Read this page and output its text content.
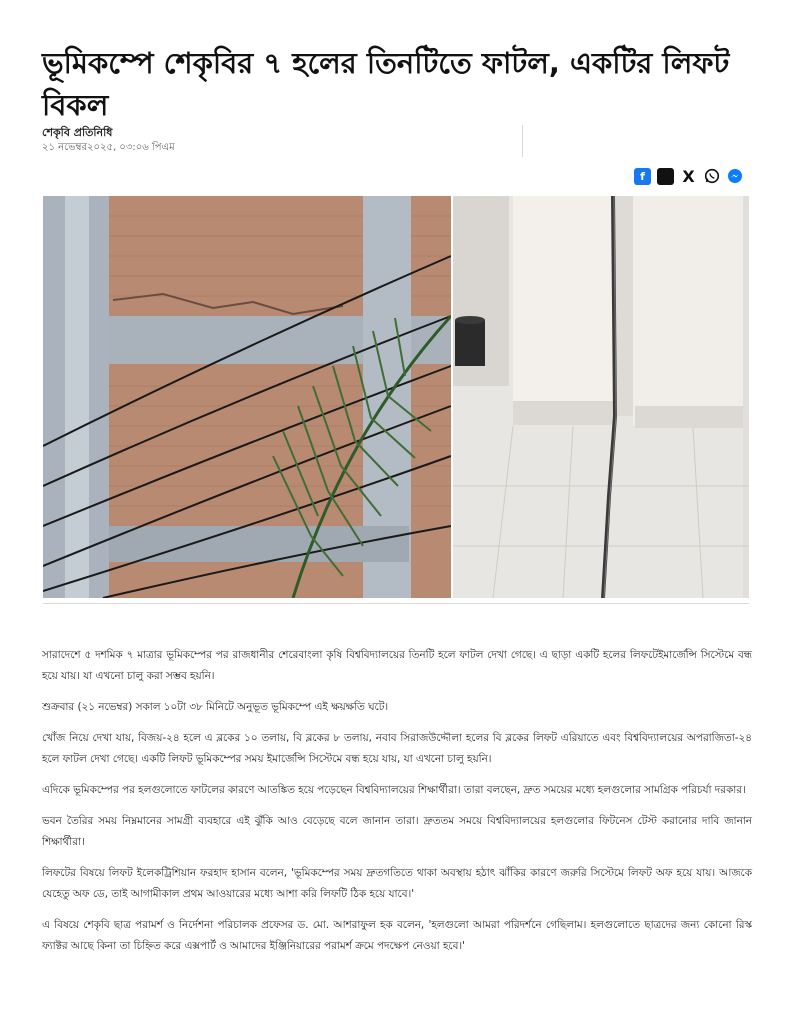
ভূমিকম্পে শেকৃবির ৭ হলের তিনটিতে ফাটল, একটির লিফট বিকল
শেকৃবি প্রতিনিধি
২১ নভেম্বর২০২৫, ০৩:০৬ পিএম
f	X

সারাদেশে ৫ দশমিক ৭ মাত্রার ভূমিকম্পের পর রাজধানীর শেরেবাংলা কৃষি বিশ্ববিদ্যালয়ের তিনটি হলে ফাটল দেখা গেছে। এ ছাড়া একটি হলের লিফটেইমার্জেন্সি সিস্টেমে বন্ধ হয়ে যায়। যা এখনো চালু করা সম্ভব হয়নি।

শুক্রবার (২১ নভেম্বর) সকাল ১০টা ৩৮ মিনিটে অনুভূত ভূমিকম্পে এই ক্ষয়ক্ষতি ঘটে।

খোঁজ নিয়ে দেখা যায়, বিজয়-২৪ হলে এ ব্লকের ১০ তলায়, বি ব্লকের ৮ তলায়, নবাব সিরাজউদ্দৌলা হলের বি ব্লকের লিফট এরিয়াতে এবং বিশ্ববিদ্যালয়ের অপরাজিতা-২৪ হলে ফাটল দেখা গেছে। একটি লিফট ভূমিকম্পের সময় ইমার্জেন্সি সিস্টেমে বন্ধ হয়ে যায়, যা এখনো চালু হয়নি।

এদিকে ভূমিকম্পের পর হলগুলোতে ফাটলের কারণে আতঙ্কিত হয়ে পড়েছেন বিশ্ববিদ্যালয়ের শিক্ষার্থীরা। তারা বলছেন, দ্রুত সময়ের মধ্যে হলগুলোর সামগ্রিক পরিচর্যা দরকার।

ভবন তৈরির সময় নিম্নমানের সামগ্রী ব্যবহারে এই ঝুঁকি আও বেড়েছে বলে জানান তারা। দ্রুততম সময়ে বিশ্ববিদ্যালয়ের হলগুলোর ফিটনেস টেস্ট করানোর দাবি জানান শিক্ষার্থীরা।

লিফটের বিষয়ে লিফট ইলেকট্রিশিয়ান ফরহাদ হাসান বলেন, 'ভূমিকম্পের সময় দ্রুতগতিতে থাকা অবস্থায় হঠাৎ ঝাঁকির কারণে জরুরি সিস্টেমে লিফট অফ হয়ে যায়। আজকে যেহেতু অফ ডে, তাই আগামীকাল প্রথম আওয়ারের মধ্যে আশা করি লিফটি ঠিক হয়ে যাবে।'

এ বিষয়ে শেকৃবি ছাত্র পরামর্শ ও নির্দেশনা পরিচালক প্রফেসর ড. মো. আশরাফুল হক বলেন, 'হলগুলো আমরা পরিদর্শনে গেছিলাম। হলগুলোতে ছাত্রদের জন্য কোনো রিস্ক ফ্যাক্টর আছে কিনা তা চিহ্নিত করে এক্সপার্ট ও আমাদের ইঞ্জিনিয়ারের পরামর্শ ক্রমে পদক্ষেপ নেওয়া হবে।'
